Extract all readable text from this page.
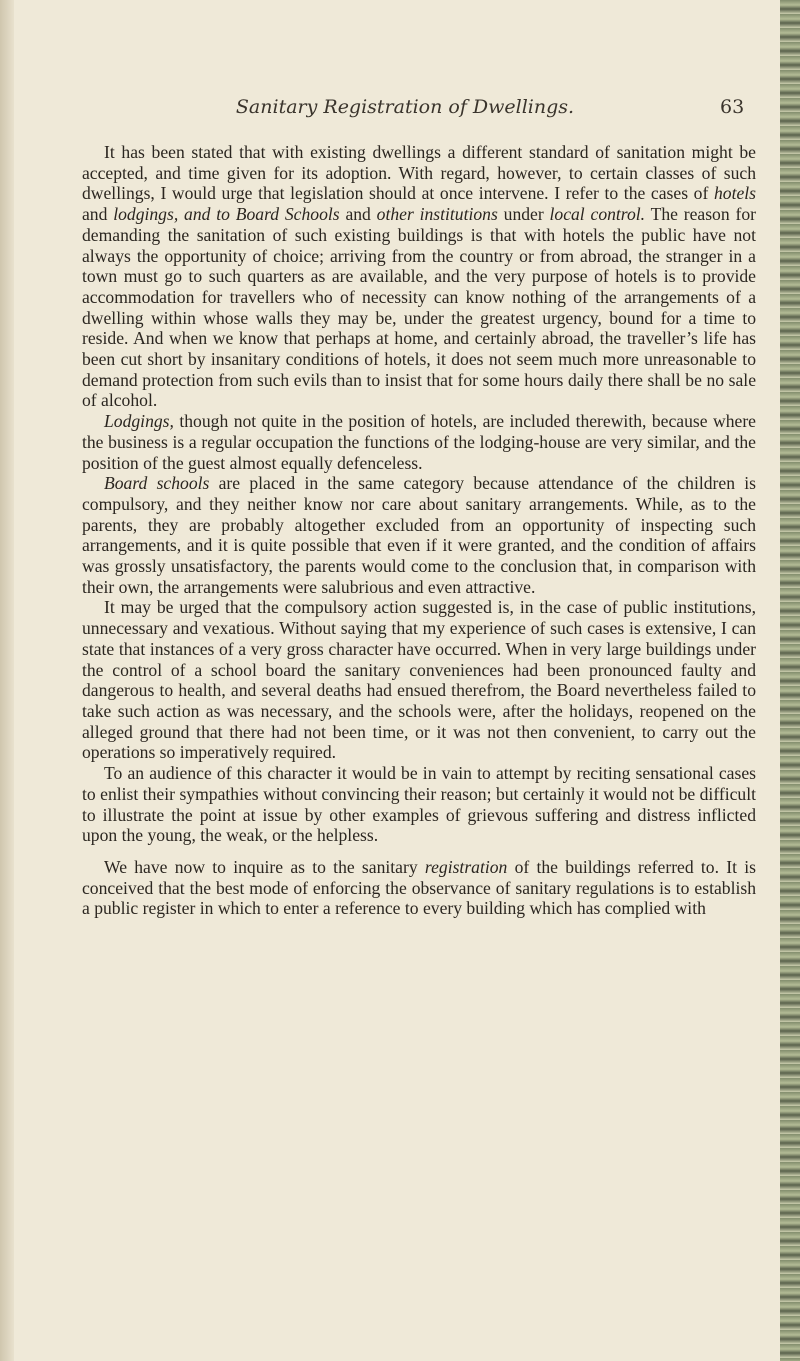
Sanitary Registration of Dwellings.	63

It has been stated that with existing dwellings a different standard of sanitation might be accepted, and time given for its adoption. With regard, however, to certain classes of such dwellings, I would urge that legislation should at once intervene. I refer to the cases of hotels and lodgings, and to Board Schools and other institutions under local control. The reason for demanding the sanitation of such existing buildings is that with hotels the public have not always the opportunity of choice; arriving from the country or from abroad, the stranger in a town must go to such quarters as are available, and the very purpose of hotels is to provide accommodation for travellers who of necessity can know nothing of the arrangements of a dwelling within whose walls they may be, under the greatest urgency, bound for a time to reside. And when we know that perhaps at home, and certainly abroad, the traveller’s life has been cut short by insanitary conditions of hotels, it does not seem much more unreasonable to demand protection from such evils than to insist that for some hours daily there shall be no sale of alcohol.

Lodgings, though not quite in the position of hotels, are included therewith, because where the business is a regular occupation the functions of the lodging-house are very similar, and the position of the guest almost equally defenceless.

Board schools are placed in the same category because attendance of the children is compulsory, and they neither know nor care about sanitary arrangements. While, as to the parents, they are probably altogether excluded from an opportunity of inspecting such arrangements, and it is quite possible that even if it were granted, and the condition of affairs was grossly unsatisfactory, the parents would come to the conclusion that, in comparison with their own, the arrangements were salubrious and even attractive.

It may be urged that the compulsory action suggested is, in the case of public institutions, unnecessary and vexatious. Without saying that my experience of such cases is extensive, I can state that instances of a very gross character have occurred. When in very large buildings under the control of a school board the sanitary conveniences had been pronounced faulty and dangerous to health, and several deaths had ensued therefrom, the Board nevertheless failed to take such action as was necessary, and the schools were, after the holidays, reopened on the alleged ground that there had not been time, or it was not then convenient, to carry out the operations so imperatively required.

To an audience of this character it would be in vain to attempt by reciting sensational cases to enlist their sympathies without convincing their reason; but certainly it would not be difficult to illustrate the point at issue by other examples of grievous suffering and distress inflicted upon the young, the weak, or the helpless.

We have now to inquire as to the sanitary registration of the buildings referred to. It is conceived that the best mode of enforcing the observance of sanitary regulations is to establish a public register in which to enter a reference to every building which has complied with
